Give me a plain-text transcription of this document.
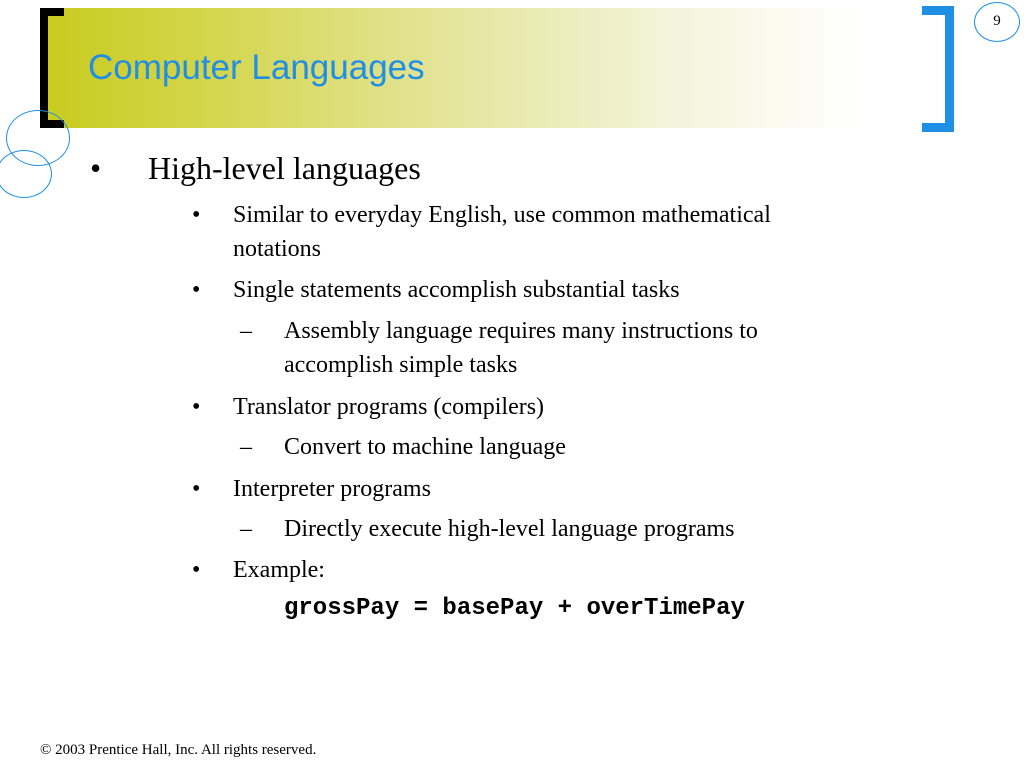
Computer Languages
9
• High-level languages
• Similar to everyday English, use common mathematical
notations
• Single statements accomplish substantial tasks
– Assembly language requires many instructions to
accomplish simple tasks
• Translator programs (compilers)
– Convert to machine language
• Interpreter programs
– Directly execute high-level language programs
• Example:
grossPay = basePay + overTimePay
© 2003 Prentice Hall, Inc. All rights reserved.
